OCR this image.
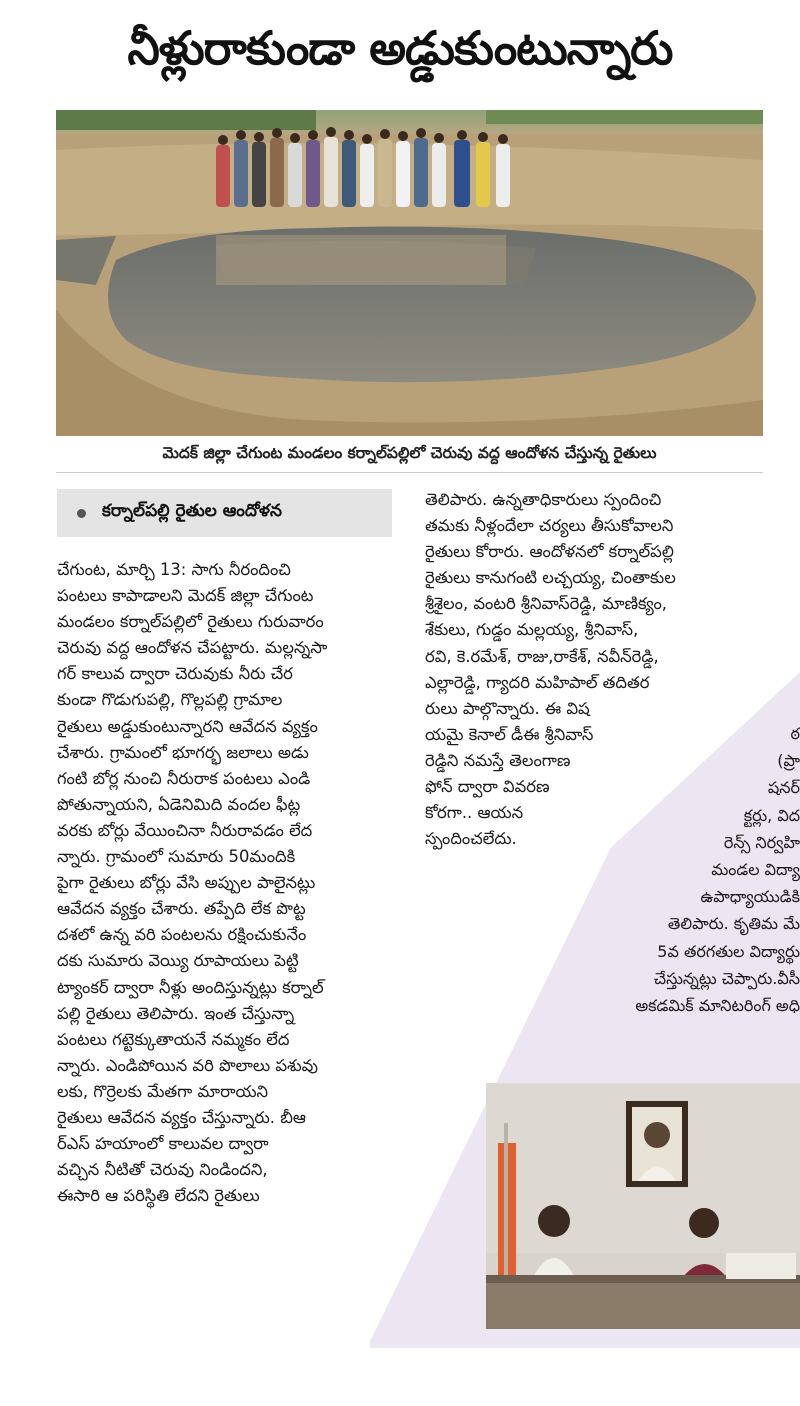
నీళ్లురాకుండా అడ్డుకుంటున్నారు
మెదక్ జిల్లా చేగుంట మండలం కర్నాల్‌పల్లిలో చెరువు వద్ద ఆందోళన చేస్తున్న రైతులు
కర్నాల్‌పల్లి రైతుల ఆందోళన
చేగుంట, మార్చి 13: సాగు నీరందించి
పంటలు కాపాడాలని మెదక్ జిల్లా చేగుంట
మండలం కర్నాల్‌పల్లిలో రైతులు గురువారం
చెరువు వద్ద ఆందోళన చేపట్టారు. మల్లన్నసా
గర్ కాలువ ద్వారా చెరువుకు నీరు చేర
కుండా గొడుగుపల్లి, గొల్లపల్లి గ్రామాల
రైతులు అడ్డుకుంటున్నారని ఆవేదన వ్యక్తం
చేశారు. గ్రామంలో భూగర్భ జలాలు అడు
గంటి బోర్ల నుంచి నీరురాక పంటలు ఎండి
పోతున్నాయని, ఏడెనిమిది వందల ఫీట్ల
వరకు బోర్లు వేయించినా నీరురావడం లేద
న్నారు. గ్రామంలో సుమారు 50మందికి
పైగా రైతులు బోర్లు వేసి అప్పుల పాలైనట్లు
ఆవేదన వ్యక్తం చేశారు. తప్పేది లేక పొట్ట
దశలో ఉన్న వరి పంటలను రక్షించుకునేం
దకు సుమారు వెయ్యి రూపాయలు పెట్టి
ట్యాంకర్ ద్వారా నీళ్లు అందిస్తున్నట్లు కర్నాల్
పల్లి రైతులు తెలిపారు. ఇంత చేస్తున్నా
పంటలు గట్టెక్కుతాయనే నమ్మకం లేద
న్నారు. ఎండిపోయిన వరి పొలాలు పశువు
లకు, గొర్రెలకు మేతగా మారాయని
రైతులు ఆవేదన వ్యక్తం చేస్తున్నారు. బీఆ
ర్ఎస్ హయాంలో కాలువల ద్వారా
వచ్చిన నీటితో చెరువు నిండిందని,
ఈసారి ఆ పరిస్థితి లేదని రైతులు
తెలిపారు. ఉన్నతాధికారులు స్పందించి
తమకు నీళ్లందేలా చర్యలు తీసుకోవాలని
రైతులు కోరారు. ఆందోళనలో కర్నాల్‌పల్లి
రైతులు కానుగంటి లచ్చయ్య, చింతాకుల
శ్రీశైలం, వంటరి శ్రీనివాస్‌రెడ్డి, మాణిక్యం,
శేకులు, గుడ్డం మల్లయ్య, శ్రీనివాస్,
రవి, కె.రమేశ్, రాజు,రాకేశ్, నవీన్‌రెడ్డి,
ఎల్లారెడ్డి, గ్యాదరి మహిపాల్ తదితర
రులు పాల్గొన్నారు. ఈ విష
యమై కెనాల్ డీఈ శ్రీనివాస్
రెడ్డిని నమస్తే తెలంగాణ
ఫోన్ ద్వారా వివరణ
కోరగా.. ఆయన
స్పందించలేదు.
ఠ
(ప్రా
షనర్
క్టర్లు, విద
రెన్స్ నిర్వహి
మండల విద్యా
ఉపాధ్యాయుడికి
తెలిపారు. కృతిమ మే
5వ తరగతుల విద్యార్థు
చేస్తున్నట్లు చెప్పారు.వీసీ
అకడమిక్ మానిటరింగ్ అధి
